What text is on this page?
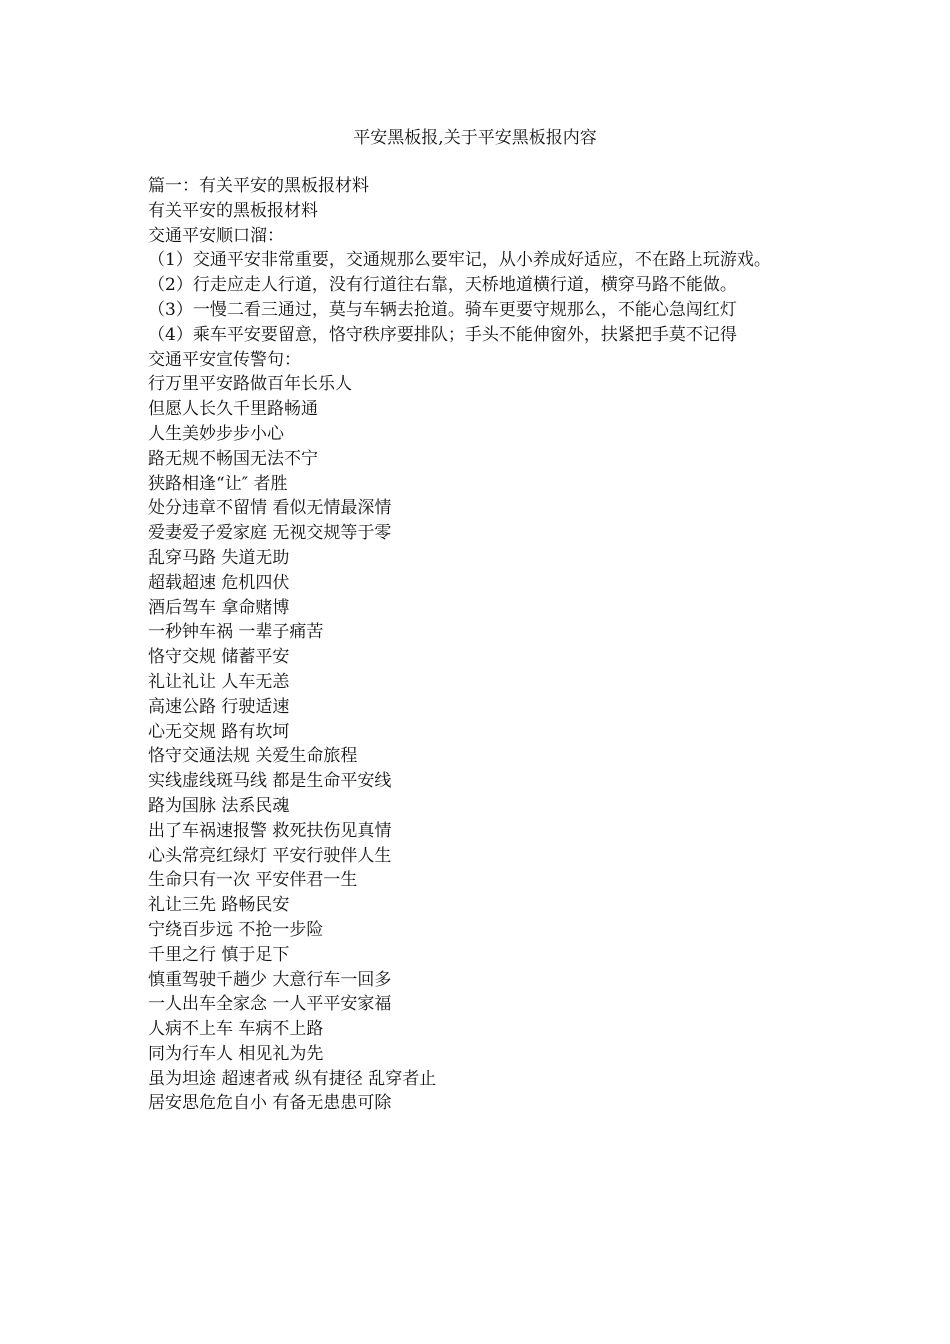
平安黑板报,关于平安黑板报内容

篇一：有关平安的黑板报材料

有关平安的黑板报材料

交通平安顺口溜：

（1）交通平安非常重要，交通规那么要牢记，从小养成好适应，不在路上玩游戏。

（2）行走应走人行道，没有行道往右靠，天桥地道横行道，横穿马路不能做。

（3）一慢二看三通过，莫与车辆去抢道。骑车更要守规那么，不能心急闯红灯

（4）乘车平安要留意，恪守秩序要排队；手头不能伸窗外，扶紧把手莫不记得

交通平安宣传警句：

行万里平安路做百年长乐人

但愿人长久千里路畅通

人生美妙步步小心

路无规不畅国无法不宁

狭路相逢“让″ 者胜

处分违章不留情 看似无情最深情

爱妻爱子爱家庭 无视交规等于零

乱穿马路 失道无助

超载超速 危机四伏

酒后驾车 拿命赌博

一秒钟车祸 一辈子痛苦

恪守交规 储蓄平安

礼让礼让 人车无恙

高速公路 行驶适速

心无交规 路有坎坷

恪守交通法规 关爱生命旅程

实线虚线斑马线 都是生命平安线

路为国脉 法系民魂

出了车祸速报警 救死扶伤见真情

心头常亮红绿灯 平安行驶伴人生

生命只有一次 平安伴君一生

礼让三先 路畅民安

宁绕百步远 不抢一步险

千里之行 慎于足下

慎重驾驶千趟少 大意行车一回多

一人出车全家念 一人平平安家福

人病不上车 车病不上路

同为行车人 相见礼为先

虽为坦途 超速者戒 纵有捷径 乱穿者止

居安思危危自小 有备无患患可除
